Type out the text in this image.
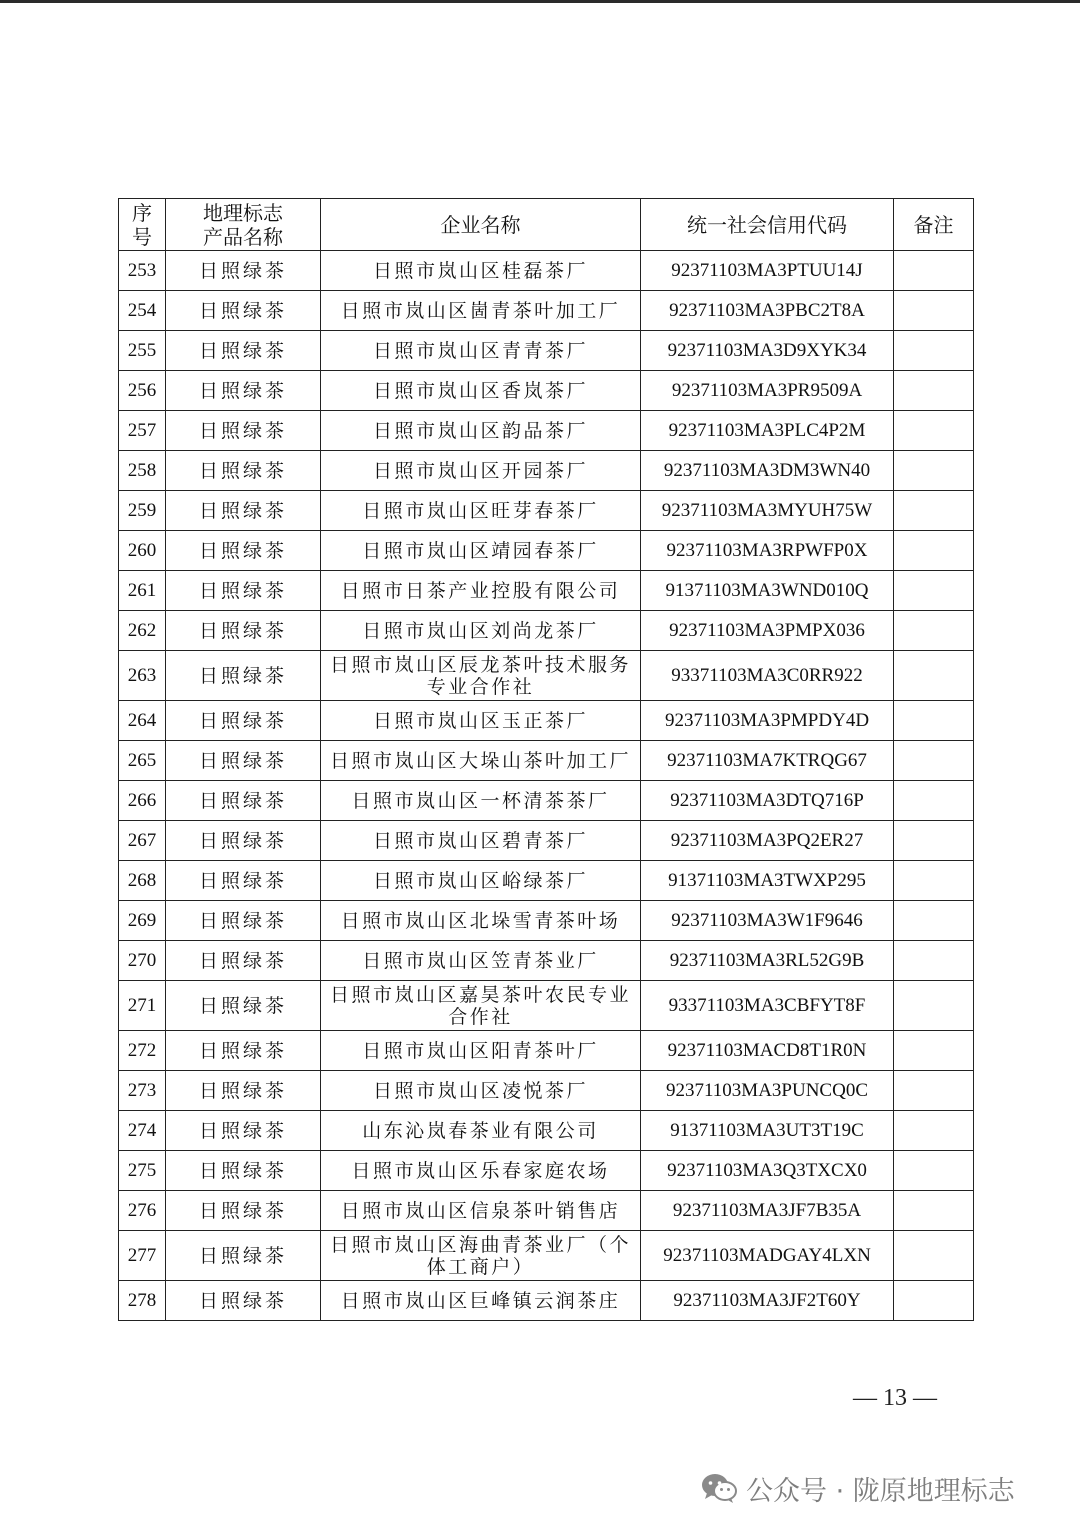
序号	地理标志产品名称	企业名称	统一社会信用代码	备注
253	日照绿茶	日照市岚山区桂磊茶厂	92371103MA3PTUU14J	
254	日照绿茶	日照市岚山区崮青茶叶加工厂	92371103MA3PBC2T8A	
255	日照绿茶	日照市岚山区青青茶厂	92371103MA3D9XYK34	
256	日照绿茶	日照市岚山区香岚茶厂	92371103MA3PR9509A	
257	日照绿茶	日照市岚山区韵品茶厂	92371103MA3PLC4P2M	
258	日照绿茶	日照市岚山区开园茶厂	92371103MA3DM3WN40	
259	日照绿茶	日照市岚山区旺芽春茶厂	92371103MA3MYUH75W	
260	日照绿茶	日照市岚山区靖园春茶厂	92371103MA3RPWFP0X	
261	日照绿茶	日照市日茶产业控股有限公司	91371103MA3WND010Q	
262	日照绿茶	日照市岚山区刘尚龙茶厂	92371103MA3PMPX036	
263	日照绿茶	日照市岚山区辰龙茶叶技术服务专业合作社	93371103MA3C0RR922	
264	日照绿茶	日照市岚山区玉正茶厂	92371103MA3PMPDY4D	
265	日照绿茶	日照市岚山区大垛山茶叶加工厂	92371103MA7KTRQG67	
266	日照绿茶	日照市岚山区一杯清茶茶厂	92371103MA3DTQ716P	
267	日照绿茶	日照市岚山区碧青茶厂	92371103MA3PQ2ER27	
268	日照绿茶	日照市岚山区峪绿茶厂	91371103MA3TWXP295	
269	日照绿茶	日照市岚山区北垛雪青茶叶场	92371103MA3W1F9646	
270	日照绿茶	日照市岚山区笠青茶业厂	92371103MA3RL52G9B	
271	日照绿茶	日照市岚山区嘉昊茶叶农民专业合作社	93371103MA3CBFYT8F	
272	日照绿茶	日照市岚山区阳青茶叶厂	92371103MACD8T1R0N	
273	日照绿茶	日照市岚山区凌悦茶厂	92371103MA3PUNCQ0C	
274	日照绿茶	山东沁岚春茶业有限公司	91371103MA3UT3T19C	
275	日照绿茶	日照市岚山区乐春家庭农场	92371103MA3Q3TXCX0	
276	日照绿茶	日照市岚山区信泉茶叶销售店	92371103MA3JF7B35A	
277	日照绿茶	日照市岚山区海曲青茶业厂（个体工商户）	92371103MADGAY4LXN	
278	日照绿茶	日照市岚山区巨峰镇云润茶庄	92371103MA3JF2T60Y	
— 13 —
公众号 · 陇原地理标志
